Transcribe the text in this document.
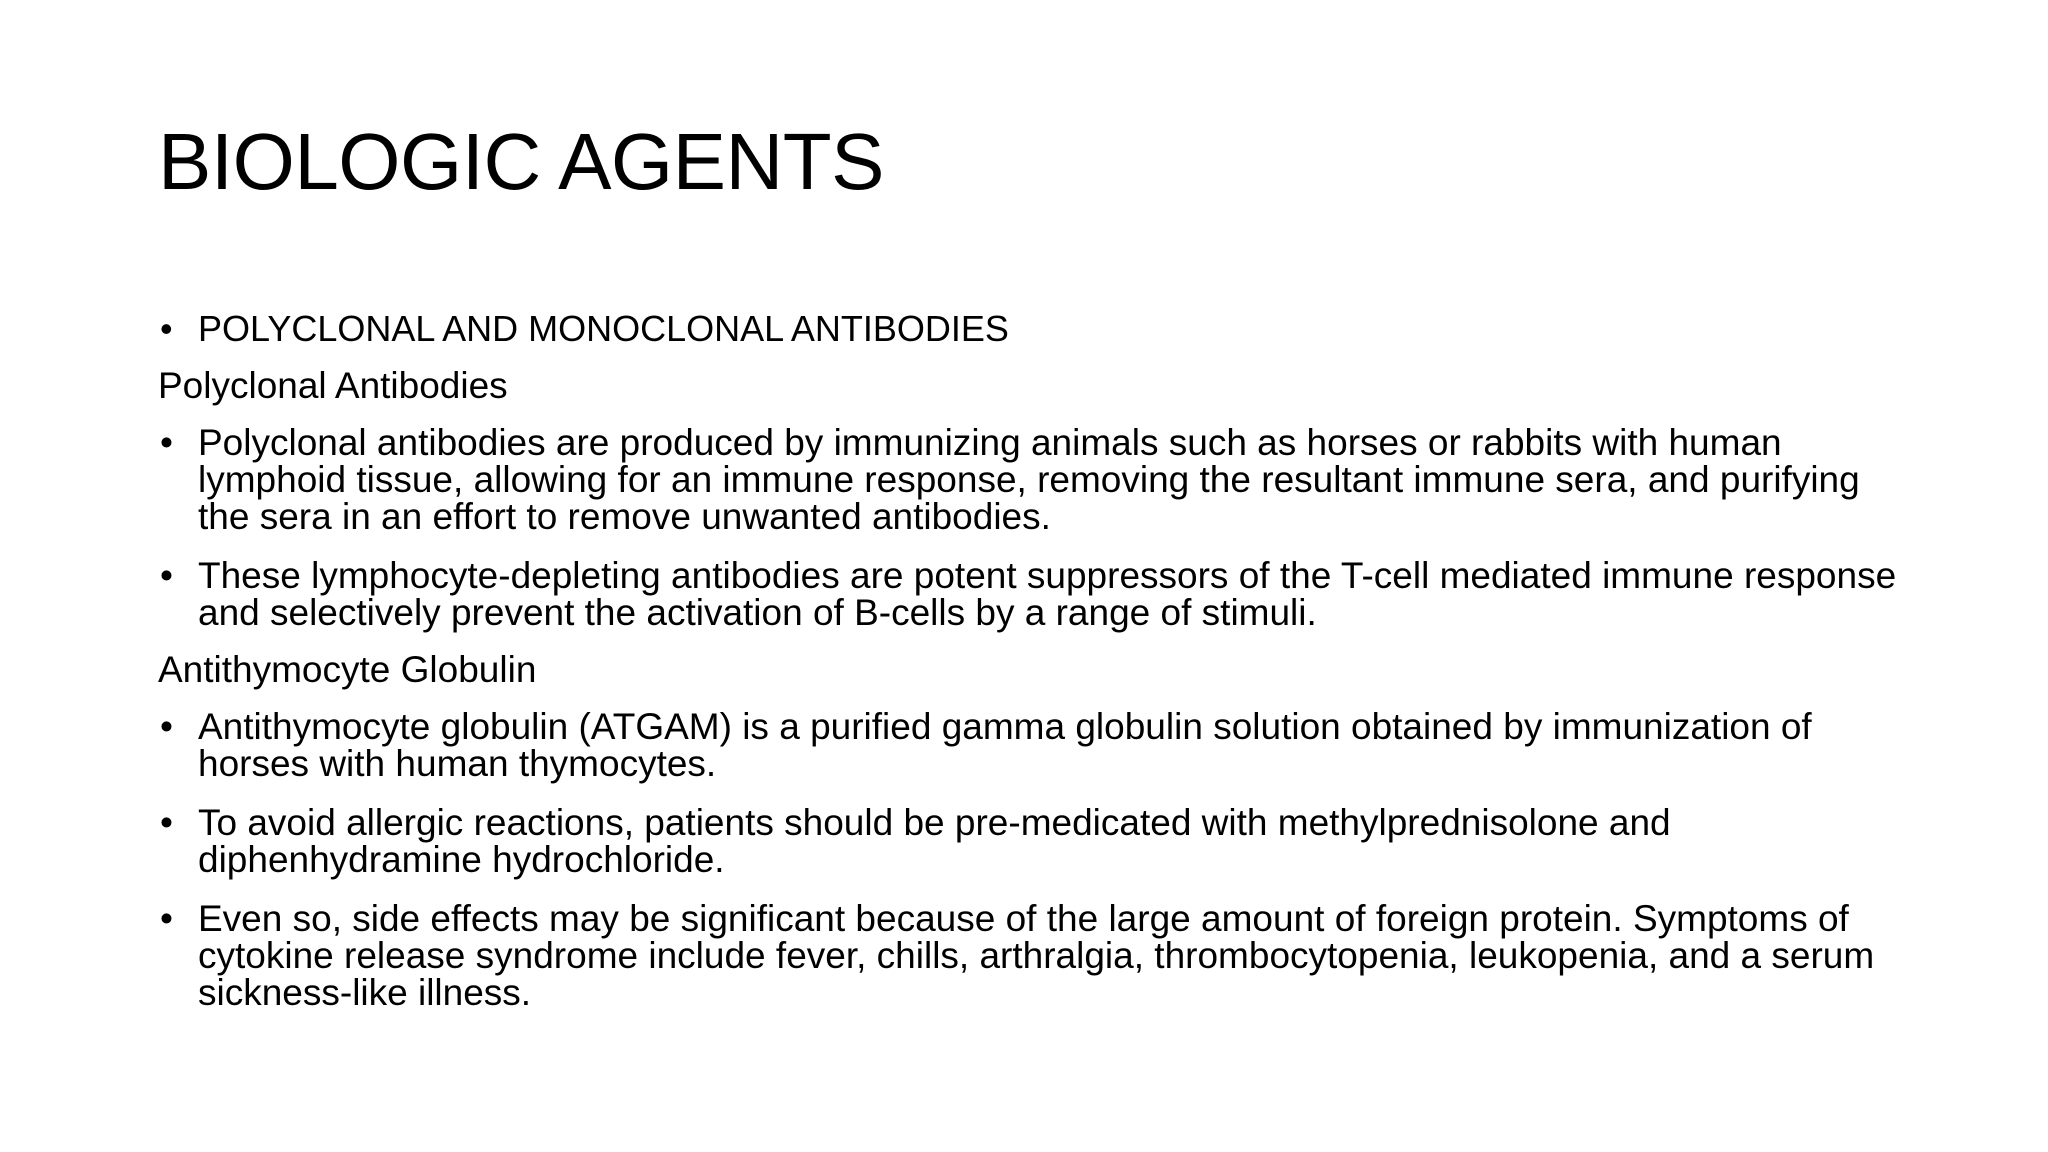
BIOLOGIC AGENTS
• POLYCLONAL AND MONOCLONAL ANTIBODIES
Polyclonal Antibodies
• Polyclonal antibodies are produced by immunizing animals such as horses or rabbits with human lymphoid tissue, allowing for an immune response, removing the resultant immune sera, and purifying the sera in an effort to remove unwanted antibodies.
• These lymphocyte-depleting antibodies are potent suppressors of the T-cell mediated immune response and selectively prevent the activation of B-cells by a range of stimuli.
Antithymocyte Globulin
• Antithymocyte globulin (ATGAM) is a purified gamma globulin solution obtained by immunization of horses with human thymocytes.
• To avoid allergic reactions, patients should be pre-medicated with methylprednisolone and diphenhydramine hydrochloride.
• Even so, side effects may be significant because of the large amount of foreign protein. Symptoms of cytokine release syndrome include fever, chills, arthralgia, thrombocytopenia, leukopenia, and a serum sickness-like illness.
